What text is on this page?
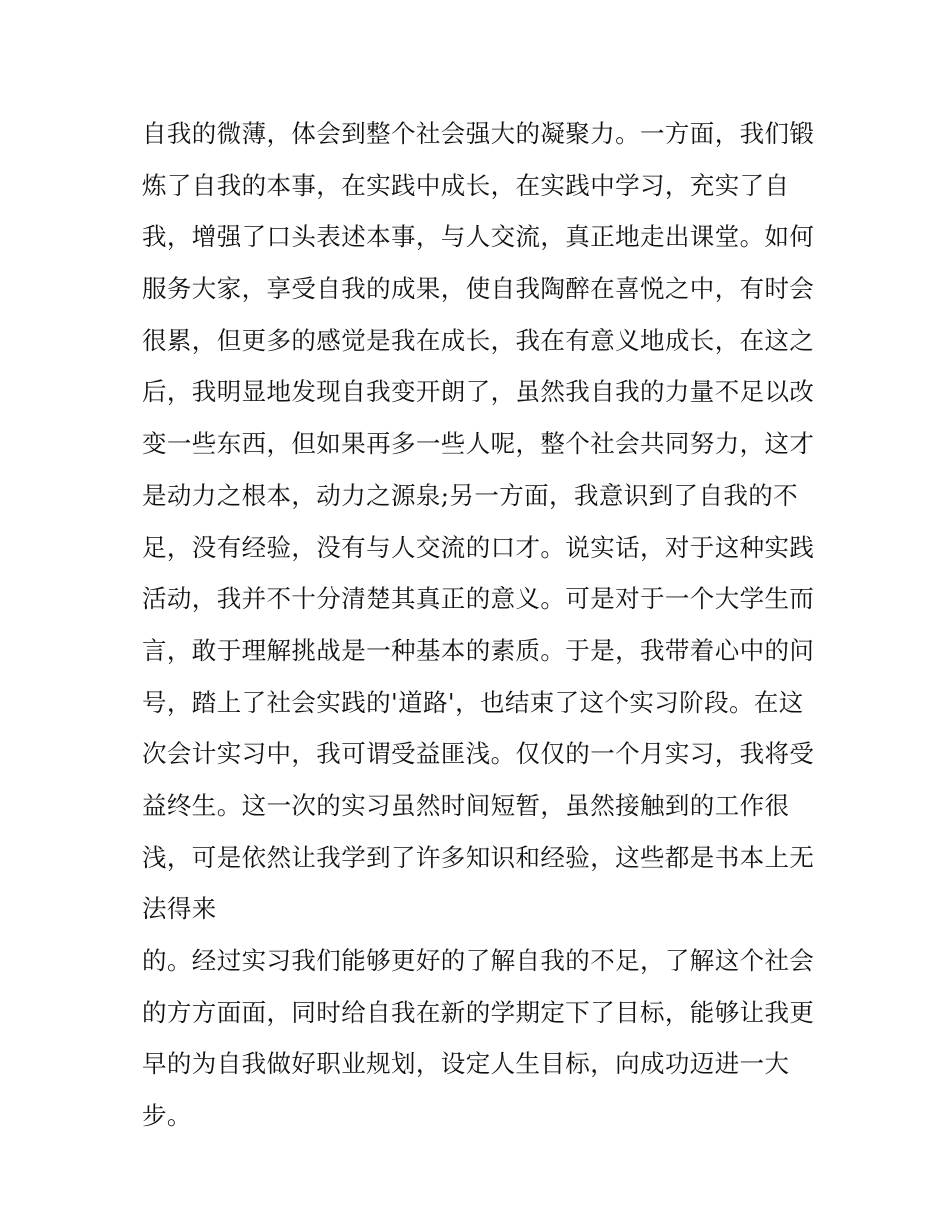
自我的微薄，体会到整个社会强大的凝聚力。一方面，我们锻
炼了自我的本事，在实践中成长，在实践中学习，充实了自
我，增强了口头表述本事，与人交流，真正地走出课堂。如何
服务大家，享受自我的成果，使自我陶醉在喜悦之中，有时会
很累，但更多的感觉是我在成长，我在有意义地成长，在这之
后，我明显地发现自我变开朗了，虽然我自我的力量不足以改
变一些东西，但如果再多一些人呢，整个社会共同努力，这才
是动力之根本，动力之源泉;另一方面，我意识到了自我的不
足，没有经验，没有与人交流的口才。说实话，对于这种实践
活动，我并不十分清楚其真正的意义。可是对于一个大学生而
言，敢于理解挑战是一种基本的素质。于是，我带着心中的问
号，踏上了社会实践的'道路'，也结束了这个实习阶段。在这
次会计实习中，我可谓受益匪浅。仅仅的一个月实习，我将受
益终生。这一次的实习虽然时间短暂，虽然接触到的工作很
浅，可是依然让我学到了许多知识和经验，这些都是书本上无
法得来
的。经过实习我们能够更好的了解自我的不足，了解这个社会
的方方面面，同时给自我在新的学期定下了目标，能够让我更
早的为自我做好职业规划，设定人生目标，向成功迈进一大
步。
